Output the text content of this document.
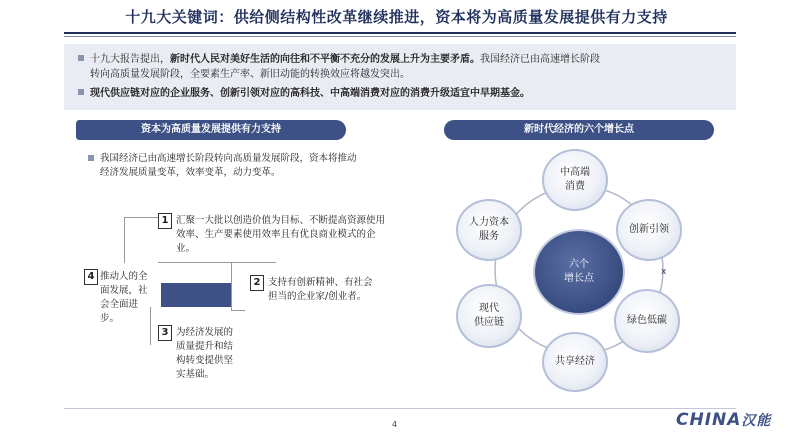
十九大关键词：供给侧结构性改革继续推进，资本将为高质量发展提供有力支持
十九大报告提出，新时代人民对美好生活的向往和不平衡不充分的发展上升为主要矛盾。我国经济已由高速增长阶段
转向高质量发展阶段，全要素生产率、新旧动能的转换效应将越发突出。
现代供应链对应的企业服务、创新引领对应的高科技、中高端消费对应的消费升级适宜中早期基金。
资本为高质量发展提供有力支持
我国经济已由高速增长阶段转向高质量发展阶段，资本将推动经济发展质量变革，效率变革，动力变革。
1 汇聚一大批以创造价值为目标、不断提高资源使用效率、生产要素使用效率且有优良商业模式的企业。
2 支持有创新精神、有社会担当的企业家/创业者。
3 为经济发展的质量提升和结构转变提供坚实基础。
4 推动人的全面发展，社会全面进步。
新时代经济的六个增长点
六个
增长点
中高端
消费
创新引领
绿色低碳
共享经济
现代
供应链
人力资本
服务
x
4	CHINA汉能
